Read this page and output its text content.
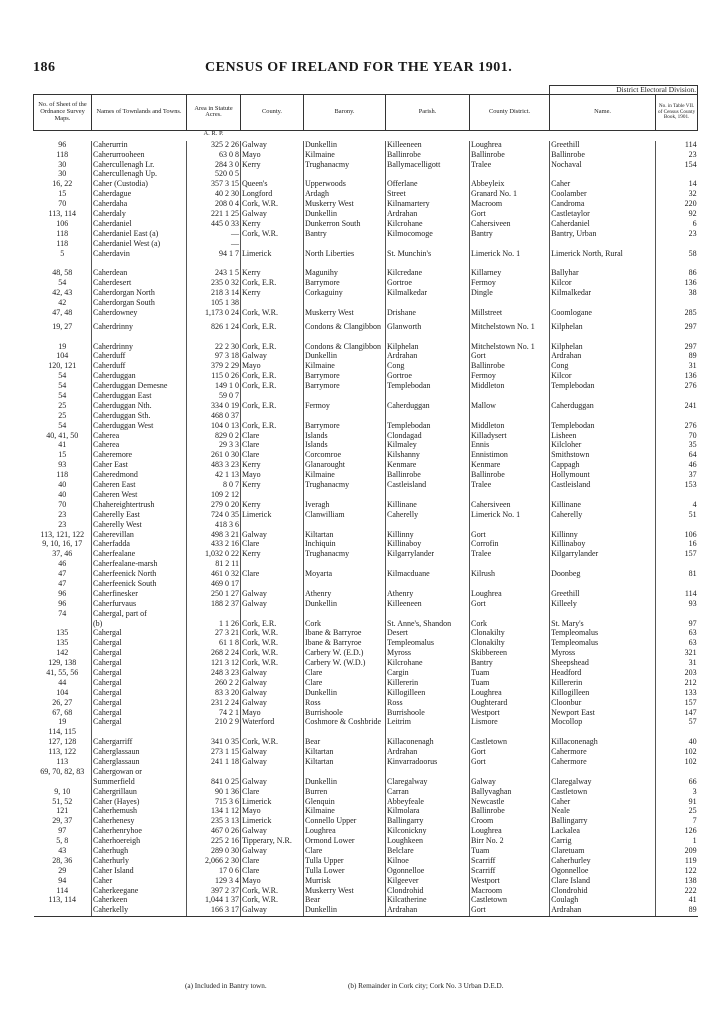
186	CENSUS OF IRELAND FOR THE YEAR 1901.
							District Electoral Division.	
No. of Sheet of the Ordnance Survey Maps.	Names of Townlands and Towns.	Area in Statute Acres.	County.	Barony.	Parish.	County District.	Name.	No. in Table VII. of Census County Book, 1901.
		A. R. P.						
96	Caherurrin	325 2 26	Galway	Dunkellin	Killeeneen	Loughrea	Greethill	114
118	Caherurrooheen	63 0 8	Mayo	Kilmaine	Ballinrobe	Ballinrobe	Ballinrobe	23
30	Cahercullenagh Lr.	284 3 0	Kerry	Trughanacmy	Ballymacelligott	Tralee	Nochaval	154
30	Cahercullenagh Up.	520 0 5						
16, 22	Caher (Custodia)	357 3 15	Queen's	Upperwoods	Offerlane	Abbeyleix	Caher	14
15	Caherdague	40 2 30	Longford	Ardagh	Street	Granard No. 1	Coolamber	32
70	Caherdaha	208 0 4	Cork, W.R.	Muskerry West	Kilnamartery	Macroom	Candroma	220
113, 114	Caherdaly	221 1 25	Galway	Dunkellin	Ardrahan	Gort	Castletaylor	92
106	Caherdaniel	445 0 33	Kerry	Dunkerron South	Kilcrohane	Cahersiveen	Caherdaniel	6
118	Caherdaniel East (a)	—	Cork, W.R.	Bantry	Kilmocomoge	Bantry	Bantry, Urban	23
118	Caherdaniel West (a)	—						
5	Caherdavin	94 1 7	Limerick	North Liberties	St. Munchin's	Limerick No. 1	Limerick North, Rural	58

48, 58	Caherdean	243 1 5	Kerry	Magunihy	Kilcredane	Killarney	Ballyhar	86
54	Caherdesert	235 0 32	Cork, E.R.	Barrymore	Gortroe	Fermoy	Kilcor	136
42, 43	Caherdorgan North	218 3 14	Kerry	Corkaguiny	Kilmalkedar	Dingle	Kilmalkedar	38
42	Caherdorgan South	105 1 38						
47, 48	Caherdowney	1,173 0 24	Cork, W.R.	Muskerry West	Drishane	Millstreet	Coomlogane	285

19, 27	Caherdrinny	826 1 24	Cork, E.R.	Condons & Clangibbon	Glanworth	Mitchelstown No. 1	Kilphelan	297

19	Caherdrinny	22 2 30	Cork, E.R.	Condons & Clangibbon	Kilphelan	Mitchelstown No. 1	Kilphelan	297
104	Caherduff	97 3 18	Galway	Dunkellin	Ardrahan	Gort	Ardrahan	89
120, 121	Caherduff	379 2 29	Mayo	Kilmaine	Cong	Ballinrobe	Cong	31
54	Caherduggan	115 0 26	Cork, E.R.	Barrymore	Gortroe	Fermoy	Kilcor	136
54	Caherduggan Demesne	149 1 0	Cork, E.R.	Barrymore	Templebodan	Middleton	Templebodan	276
54	Caherduggan East	59 0 7						
25	Caherduggan Nth.	334 0 19	Cork, E.R.	Fermoy	Caherduggan	Mallow	Caherduggan	241
25	Caherduggan Sth.	468 0 37						
54	Caherduggan West	104 0 13	Cork, E.R.	Barrymore	Templebodan	Middleton	Templebodan	276
40, 41, 50	Caherea	829 0 2	Clare	Islands	Clondagad	Killadysert	Lisheen	70
41	Caherea	29 3 3	Clare	Islands	Kilmaley	Ennis	Kilcloher	35
15	Caheremore	261 0 30	Clare	Corcomroe	Kilshanny	Ennistimon	Smithstown	64
93	Caher East	483 3 23	Kerry	Glanarought	Kenmare	Kenmare	Cappagh	46
118	Caheredmond	42 1 13	Mayo	Kilmaine	Ballinrobe	Ballinrobe	Hollymount	37
40	Caheren East	8 0 7	Kerry	Trughanacmy	Castleisland	Tralee	Castleisland	153
40	Caheren West	109 2 12						
70	Chahereightertrush	279 0 20	Kerry	Iveragh	Killinane	Cahersiveen	Killinane	4
23	Caherelly East	724 0 35	Limerick	Clanwilliam	Caherelly	Limerick No. 1	Caherelly	51
23	Caherelly West	418 3 6						
113, 121, 122	Caherevillan	498 3 21	Galway	Kiltartan	Killinny	Gort	Killinny	106
9, 10, 16, 17	Caherfadda	433 2 16	Clare	Inchiquin	Killinaboy	Corrofin	Killinaboy	16
37, 46	Caherfealane	1,032 0 22	Kerry	Trughanacmy	Kilgarrylander	Tralee	Kilgarrylander	157
46	Caherfealane-marsh	81 2 11						
47	Caherfeenick North	461 0 32	Clare	Moyarta	Kilmacduane	Kilrush	Doonbeg	81
47	Caherfeenick South	469 0 17						
96	Caherfinesker	250 1 27	Galway	Athenry	Athenry	Loughrea	Greethill	114
96	Caherfurvaus	188 2 37	Galway	Dunkellin	Killeeneen	Gort	Killeely	93
74	Cahergal, part of							
	(b)	1 1 26	Cork, E.R.	Cork	St. Anne's, Shandon	Cork	St. Mary's	97
135	Cahergal	27 3 21	Cork, W.R.	Ibane & Barryroe	Desert	Clonakilty	Templeomalus	63
135	Cahergal	61 1 8	Cork, W.R.	Ibane & Barryroe	Templeomalus	Clonakilty	Templeomalus	63
142	Cahergal	268 2 24	Cork, W.R.	Carbery W. (E.D.)	Myross	Skibbereen	Myross	321
129, 138	Cahergal	121 3 12	Cork, W.R.	Carbery W. (W.D.)	Kilcrohane	Bantry	Sheepshead	31
41, 55, 56	Cahergal	248 3 23	Galway	Clare	Cargin	Tuam	Headford	203
44	Cahergal	260 2 2	Galway	Clare	Killererin	Tuam	Killererin	212
104	Cahergal	83 3 20	Galway	Dunkellin	Killogilleen	Loughrea	Killogilleen	133
26, 27	Cahergal	231 2 24	Galway	Ross	Ross	Oughterard	Cloonbur	157
67, 68	Cahergal	74 2 1	Mayo	Burrishoole	Burrishoole	Westport	Newport East	147
19	Cahergal	210 2 9	Waterford	Coshmore & Coshbride	Leitrim	Lismore	Mocollop	57
114, 115								
127, 128	Cahergarriff	341 0 35	Cork, W.R.	Bear	Killaconenagh	Castletown	Killaconenagh	40
113, 122	Caherglassaun	273 1 15	Galway	Kiltartan	Ardrahan	Gort	Cahermore	102
113	Caherglassaun	241 1 18	Galway	Kiltartan	Kinvarradoorus	Gort	Cahermore	102
69, 70, 82, 83	Cahergowan or							
	Summerfield	841 0 25	Galway	Dunkellin	Claregalway	Galway	Claregalway	66
9, 10	Cahergrillaun	90 1 36	Clare	Burren	Carran	Ballyvaghan	Castletown	3
51, 52	Caher (Hayes)	715 3 6	Limerick	Glenquin	Abbeyfeale	Newcastle	Caher	91
121	Caherhemush	134 1 12	Mayo	Kilmaine	Kilmolara	Ballinrobe	Neale	25
29, 37	Caherhenesy	235 3 13	Limerick	Connello Upper	Ballingarry	Croom	Ballingarry	7
97	Caherhenryhoe	467 0 26	Galway	Loughrea	Kilconickny	Loughrea	Lackalea	126
5, 8	Caherhoereigh	225 2 16	Tipperary, N.R.	Ormond Lower	Loughkeen	Birr No. 2	Carrig	1
43	Caherhugh	289 0 30	Galway	Clare	Belclare	Tuam	Claretuam	209
28, 36	Caherhurly	2,066 2 30	Clare	Tulla Upper	Kilnoe	Scarriff	Caherhurley	119
29	Caher Island	17 0 6	Clare	Tulla Lower	Ogonnelloe	Scarriff	Ogonnelloe	122
94	Caher	129 3 4	Mayo	Murrisk	Kilgeever	Westport	Clare Island	138
114	Caherkeegane	397 2 37	Cork, W.R.	Muskerry West	Clondrohid	Macroom	Clondrohid	222
113, 114	Caherkeen	1,044 1 37	Cork, W.R.	Bear	Kilcatherine	Castletown	Coulagh	41
	Caherkelly	166 3 17	Galway	Dunkellin	Ardrahan	Gort	Ardrahan	89
(a) Included in Bantry town.	(b) Remainder in Cork city; Cork No. 3 Urban D.E.D.
